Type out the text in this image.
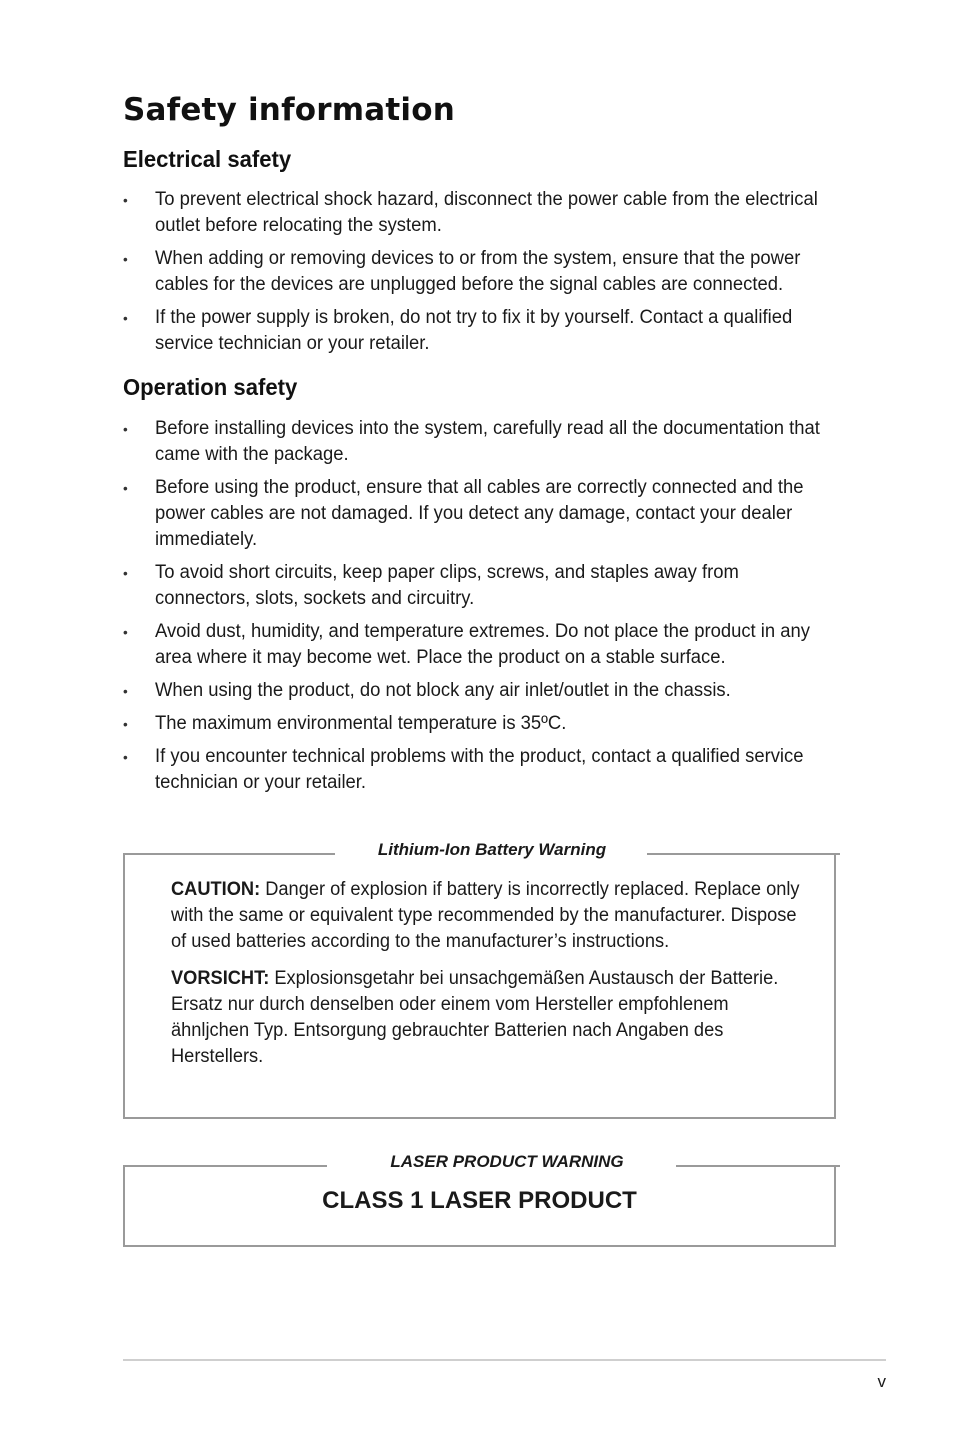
Safety information
Electrical safety
• To prevent electrical shock hazard, disconnect the power cable from the electrical outlet before relocating the system.
• When adding or removing devices to or from the system, ensure that the power cables for the devices are unplugged before the signal cables are connected.
• If the power supply is broken, do not try to fix it by yourself. Contact a qualified service technician or your retailer.
Operation safety
• Before installing devices into the system, carefully read all the documentation that came with the package.
• Before using the product, ensure that all cables are correctly connected and the power cables are not damaged. If you detect any damage, contact your dealer immediately.
• To avoid short circuits, keep paper clips, screws, and staples away from connectors, slots, sockets and circuitry.
• Avoid dust, humidity, and temperature extremes. Do not place the product in any area where it may become wet. Place the product on a stable surface.
• When using the product, do not block any air inlet/outlet in the chassis.
• The maximum environmental temperature is 35ºC.
• If you encounter technical problems with the product, contact a qualified service technician or your retailer.
Lithium-Ion Battery Warning

CAUTION: Danger of explosion if battery is incorrectly replaced. Replace only with the same or equivalent type recommended by the manufacturer. Dispose of used batteries according to the manufacturer’s instructions.

VORSICHT: Explosionsgetahr bei unsachgemäßen Austausch der Batterie. Ersatz nur durch denselben oder einem vom Hersteller empfohlenem ähnljchen Typ. Entsorgung gebrauchter Batterien nach Angaben des Herstellers.

LASER PRODUCT WARNING
CLASS 1 LASER PRODUCT
v
